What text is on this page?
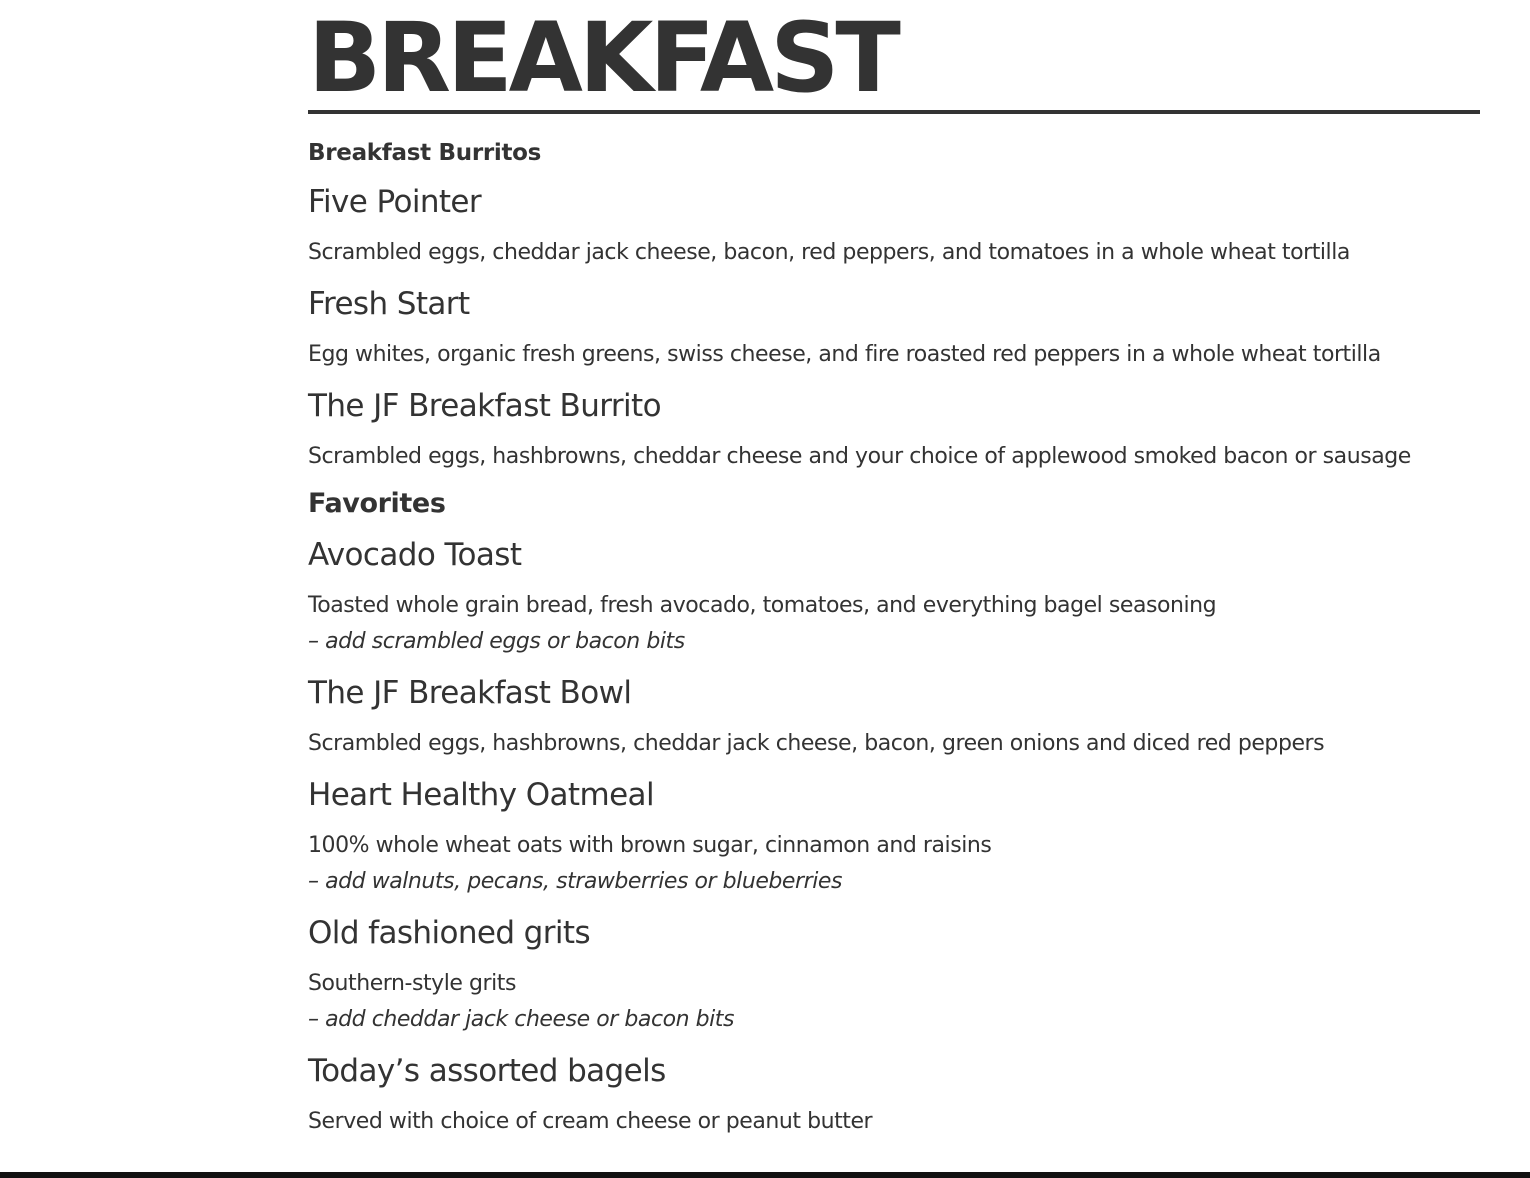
BREAKFAST
Breakfast Burritos
Five Pointer

Scrambled eggs, cheddar jack cheese, bacon, red peppers, and tomatoes in a whole wheat tortilla

Fresh Start

Egg whites, organic fresh greens, swiss cheese, and fire roasted red peppers in a whole wheat tortilla

The JF Breakfast Burrito

Scrambled eggs, hashbrowns, cheddar cheese and your choice of applewood smoked bacon or sausage

Favorites
Avocado Toast

Toasted whole grain bread, fresh avocado, tomatoes, and everything bagel seasoning
– add scrambled eggs or bacon bits

The JF Breakfast Bowl

Scrambled eggs, hashbrowns, cheddar jack cheese, bacon, green onions and diced red peppers

Heart Healthy Oatmeal

100% whole wheat oats with brown sugar, cinnamon and raisins
– add walnuts, pecans, strawberries or blueberries

Old fashioned grits

Southern-style grits
– add cheddar jack cheese or bacon bits

Today’s assorted bagels

Served with choice of cream cheese or peanut butter
